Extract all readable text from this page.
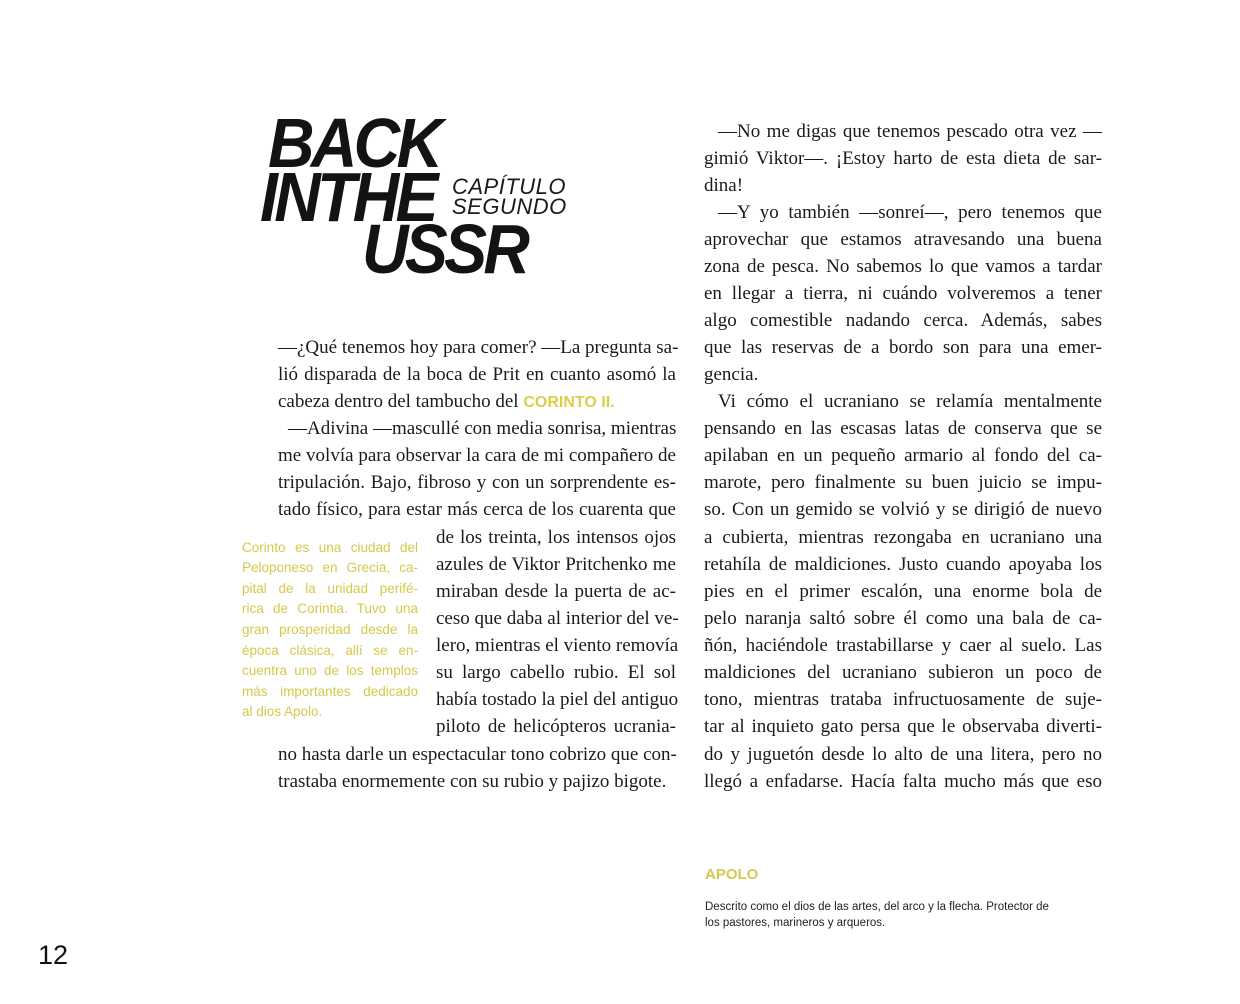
BACK
INTHE
USSR
CAPÍTULO
SEGUNDO
—¿Qué tenemos hoy para comer? —La pregunta sa-
lió disparada de la boca de Prit en cuanto asomó la
cabeza dentro del tambucho del CORINTO II.
—Adivina —mascullé con media sonrisa, mientras
me volvía para observar la cara de mi compañero de
tripulación. Bajo, fibroso y con un sorprendente es-
tado físico, para estar más cerca de los cuarenta que
de los treinta, los intensos ojos
azules de Viktor Pritchenko me
miraban desde la puerta de ac-
ceso que daba al interior del ve-
lero, mientras el viento removía
su largo cabello rubio. El sol
había tostado la piel del antiguo
piloto de helicópteros ucrania-
no hasta darle un espectacular tono cobrizo que con-
trastaba enormemente con su rubio y pajizo bigote.
Corinto es una ciudad del
Peloponeso en Grecia, ca-
pital de la unidad perifé-
rica de Corintia. Tuvo una
gran prosperidad desde la
época clásica, allí se en-
cuentra uno de los templos
más importantes dedicado
al dios Apolo.
—No me digas que tenemos pescado otra vez —
gimió Viktor—. ¡Estoy harto de esta dieta de sar-
dina!
—Y yo también —sonreí—, pero tenemos que
aprovechar que estamos atravesando una buena
zona de pesca. No sabemos lo que vamos a tardar
en llegar a tierra, ni cuándo volveremos a tener
algo comestible nadando cerca. Además, sabes
que las reservas de a bordo son para una emer-
gencia.
Vi cómo el ucraniano se relamía mentalmente
pensando en las escasas latas de conserva que se
apilaban en un pequeño armario al fondo del ca-
marote, pero finalmente su buen juicio se impu-
so. Con un gemido se volvió y se dirigió de nuevo
a cubierta, mientras rezongaba en ucraniano una
retahíla de maldiciones. Justo cuando apoyaba los
pies en el primer escalón, una enorme bola de
pelo naranja saltó sobre él como una bala de ca-
ñón, haciéndole trastabillarse y caer al suelo. Las
maldiciones del ucraniano subieron un poco de
tono, mientras trataba infructuosamente de suje-
tar al inquieto gato persa que le observaba diverti-
do y juguetón desde lo alto de una litera, pero no
llegó a enfadarse. Hacía falta mucho más que eso
APOLO
Descrito como el dios de las artes, del arco y la flecha. Protector de
los pastores, marineros y arqueros.
12
